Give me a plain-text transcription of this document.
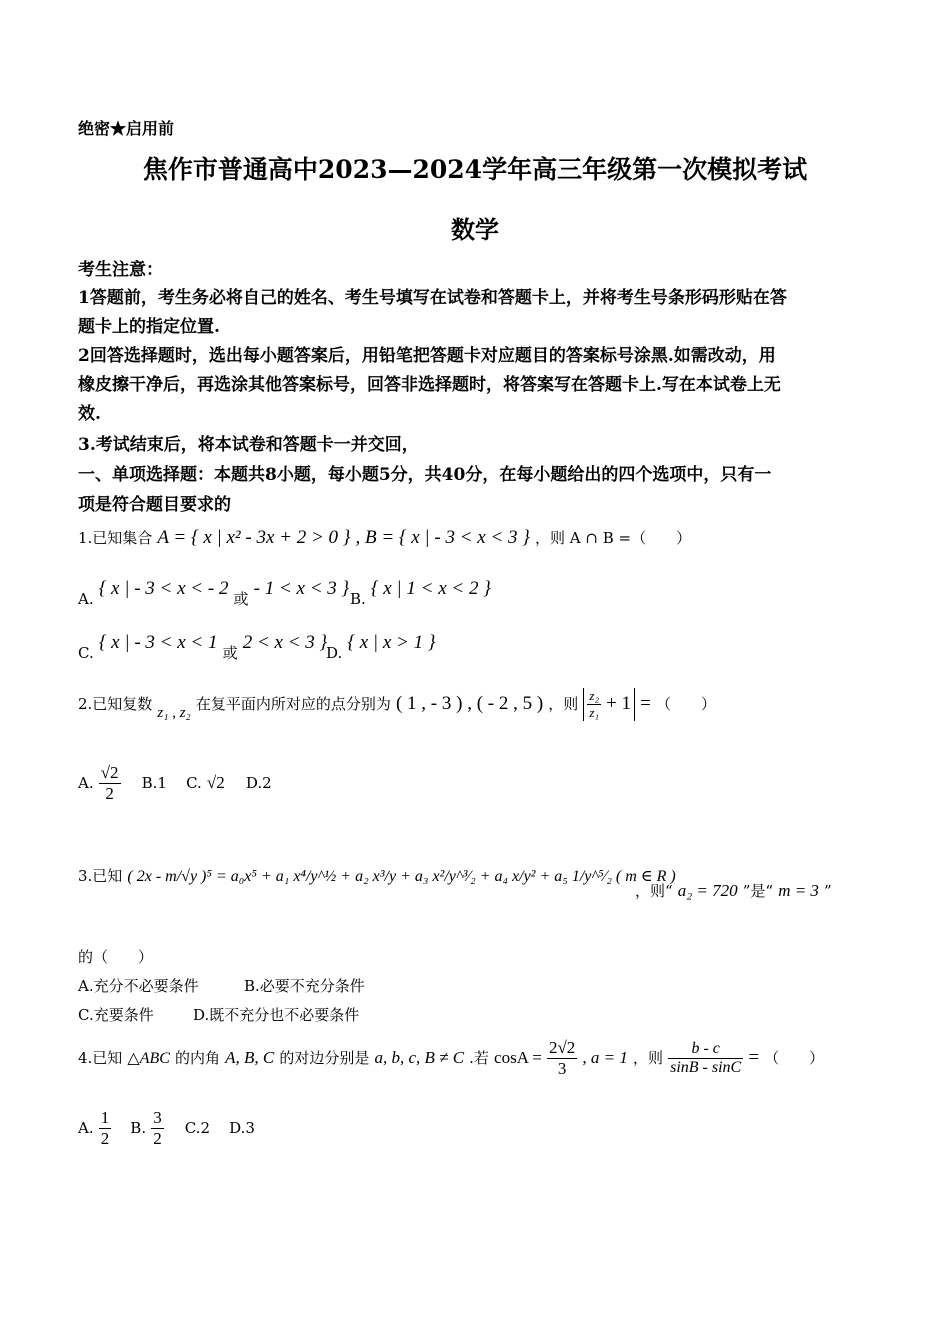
绝密★启用前
焦作市普通高中2023—2024学年高三年级第一次模拟考试
数学
考生注意：
1答题前，考生务必将自己的姓名、考生号填写在试卷和答题卡上，并将考生号条形码形贴在答
题卡上的指定位置.
2回答选择题时，选出每小题答案后，用铅笔把答题卡对应题目的答案标号涂黑.如需改动，用
橡皮擦干净后，再选涂其他答案标号，回答非选择题时，将答案写在答题卡上.写在本试卷上无
效.
3.考试结束后，将本试卷和答题卡一并交回，
一、单项选择题：本题共8小题，每小题5分，共40分，在每小题给出的四个选项中，只有一
项是符合题目要求的
1.已知集合 A = { x | x² - 3x + 2 > 0 } , B = { x | - 3 < x < 3 } ，则 A ∩ B =（　　）
A. { x | - 3 < x < - 2 或 - 1 < x < 3 } B. { x | 1 < x < 2 }
C. { x | - 3 < x < 1 或 2 < x < 3 }
D. { x | x > 1 }
2.已知复数 z₁ , z₂ 在复平面内所对应的点分别为 ( 1 , - 3 ) , ( - 2 , 5 ) ，则 $\frac{\text{z₂}}{\text{z₁}} + 1$ = （　　）
A. $\frac{√2}{2} B.1$ C. √2 D.2
3.已知 ( 2x - m/√y )⁵ = a₀x⁵ + a₁ x⁴/y^½ + a₂ x³/y + a₃ x²/y^³⁄₂ + a₄ x/y² + a₅ 1/y^⁵⁄₂ ( m ∈ R )
，则“ a₂ = 720 ”是“ m = 3 ”
的（　　）
A.充分不必要条件	B.必要不充分条件
C.充要条件	D.既不充分也不必要条件
4.已知 △ABC 的内角 A, B, C 的对边分别是 a, b, c, B ≠ C .若 $\cos A = \frac{2√2}{3}$ , a = 1 ，则 $\frac{b - c}{\sin B - \sin C}$ = （　　）
A. $\frac{1}{2} B$. $\frac{3}{2} C.2$ D.3
